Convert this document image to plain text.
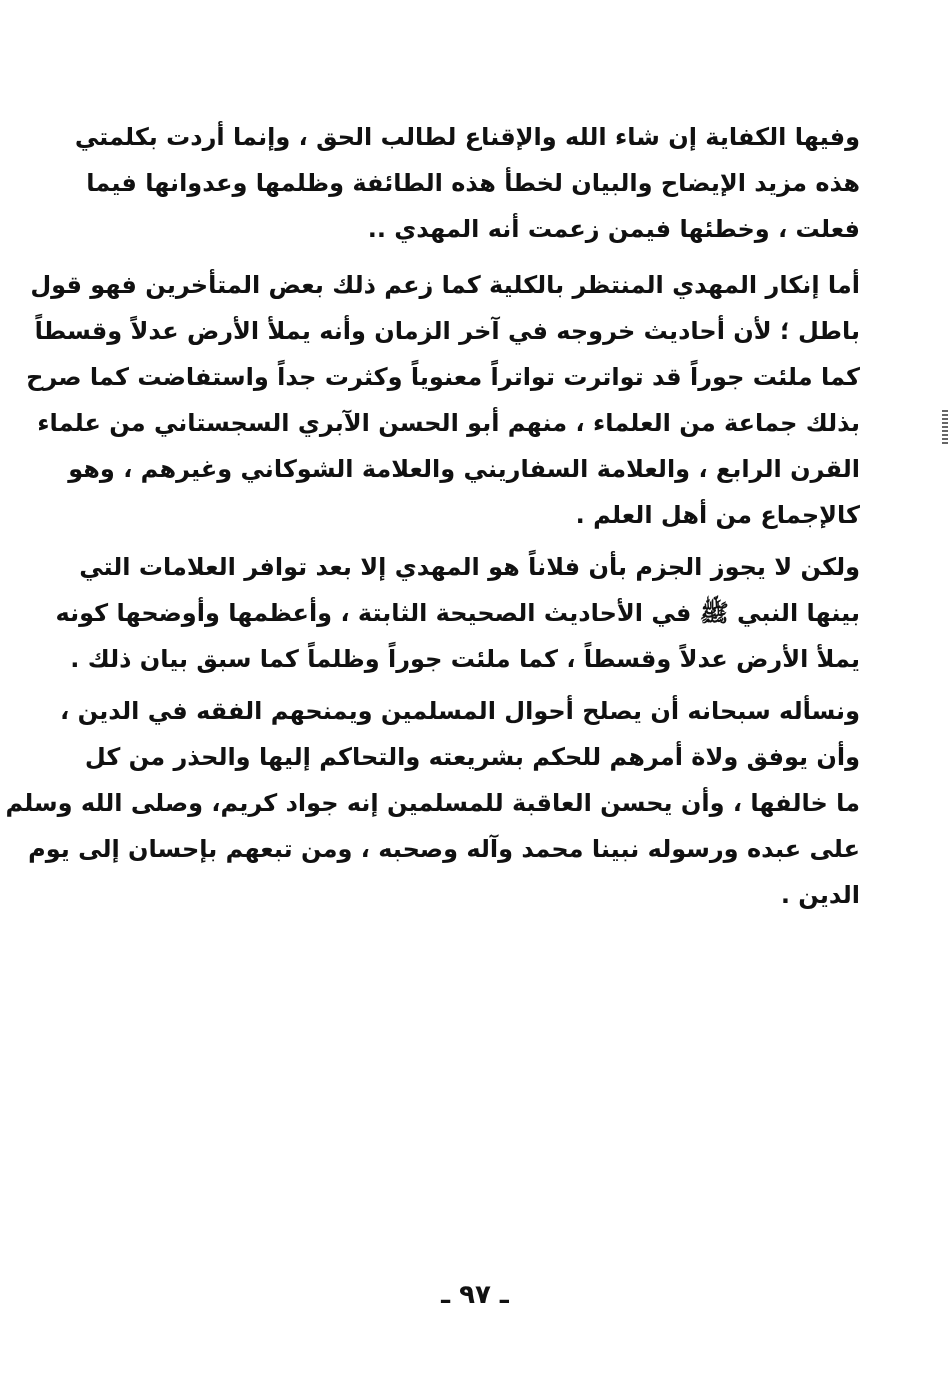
وفيها الكفاية إن شاء الله والإقناع لطالب الحق ، وإنما أردت بكلمتي
هذه مزيد الإيضاح والبيان لخطأ هذه الطائفة وظلمها وعدوانها فيما
فعلت ، وخطئها فيمن زعمت أنه المهدي ..
أما إنكار المهدي المنتظر بالكلية كما زعم ذلك بعض المتأخرين فهو قول
باطل ؛ لأن أحاديث خروجه في آخر الزمان وأنه يملأ الأرض عدلاً وقسطاً
كما ملئت جوراً قد تواترت تواتراً معنوياً وكثرت جداً واستفاضت كما صرح
بذلك جماعة من العلماء ، منهم أبو الحسن الآبري السجستاني من علماء
القرن الرابع ، والعلامة السفاريني والعلامة الشوكاني وغيرهم ، وهو
كالإجماع من أهل العلم .
ولكن لا يجوز الجزم بأن فلاناً هو المهدي إلا بعد توافر العلامات التي
بينها النبي ﷺ في الأحاديث الصحيحة الثابتة ، وأعظمها وأوضحها كونه
يملأ الأرض عدلاً وقسطاً ، كما ملئت جوراً وظلماً كما سبق بيان ذلك .
ونسأله سبحانه أن يصلح أحوال المسلمين ويمنحهم الفقه في الدين ،
وأن يوفق ولاة أمرهم للحكم بشريعته والتحاكم إليها والحذر من كل
ما خالفها ، وأن يحسن العاقبة للمسلمين إنه جواد كريم، وصلى الله وسلم
على عبده ورسوله نبينا محمد وآله وصحبه ، ومن تبعهم بإحسان إلى يوم
الدين .
ـ ٩٧ ـ
